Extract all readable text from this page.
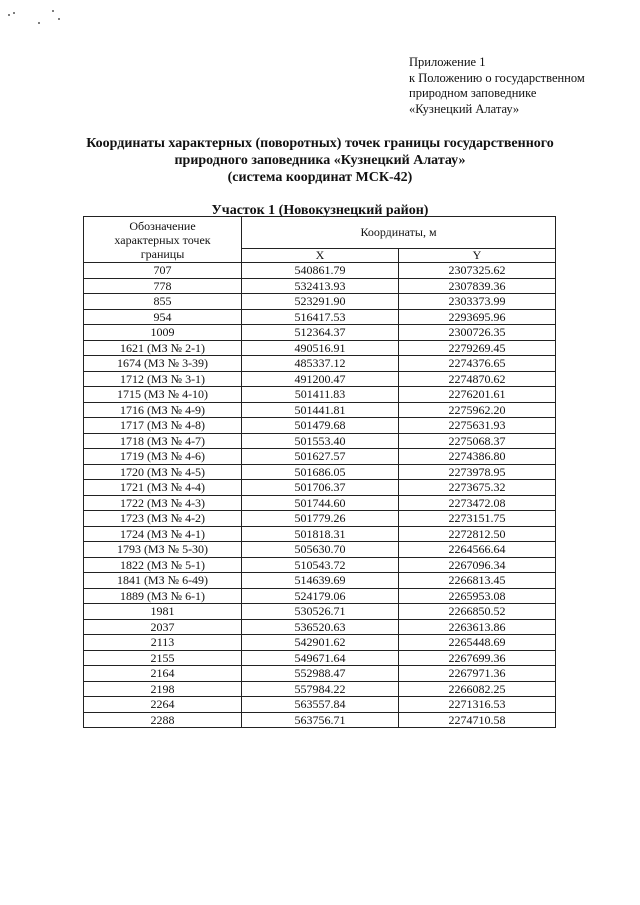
Приложение 1
к Положению о государственном
природном заповеднике
«Кузнецкий Алатау»
Координаты характерных (поворотных) точек границы государственного
природного заповедника «Кузнецкий Алатау»
(система координат МСК-42)
Участок 1 (Новокузнецкий район)
Обозначение
характерных точек
границы	Координаты, м	
	X	Y
707	540861.79	2307325.62
778	532413.93	2307839.36
855	523291.90	2303373.99
954	516417.53	2293695.96
1009	512364.37	2300726.35
1621 (МЗ № 2-1)	490516.91	2279269.45
1674 (МЗ № 3-39)	485337.12	2274376.65
1712 (МЗ № 3-1)	491200.47	2274870.62
1715 (МЗ № 4-10)	501411.83	2276201.61
1716 (МЗ № 4-9)	501441.81	2275962.20
1717 (МЗ № 4-8)	501479.68	2275631.93
1718 (МЗ № 4-7)	501553.40	2275068.37
1719 (МЗ № 4-6)	501627.57	2274386.80
1720 (МЗ № 4-5)	501686.05	2273978.95
1721 (МЗ № 4-4)	501706.37	2273675.32
1722 (МЗ № 4-3)	501744.60	2273472.08
1723 (МЗ № 4-2)	501779.26	2273151.75
1724 (МЗ № 4-1)	501818.31	2272812.50
1793 (МЗ № 5-30)	505630.70	2264566.64
1822 (МЗ № 5-1)	510543.72	2267096.34
1841 (МЗ № 6-49)	514639.69	2266813.45
1889 (МЗ № 6-1)	524179.06	2265953.08
1981	530526.71	2266850.52
2037	536520.63	2263613.86
2113	542901.62	2265448.69
2155	549671.64	2267699.36
2164	552988.47	2267971.36
2198	557984.22	2266082.25
2264	563557.84	2271316.53
2288	563756.71	2274710.58
